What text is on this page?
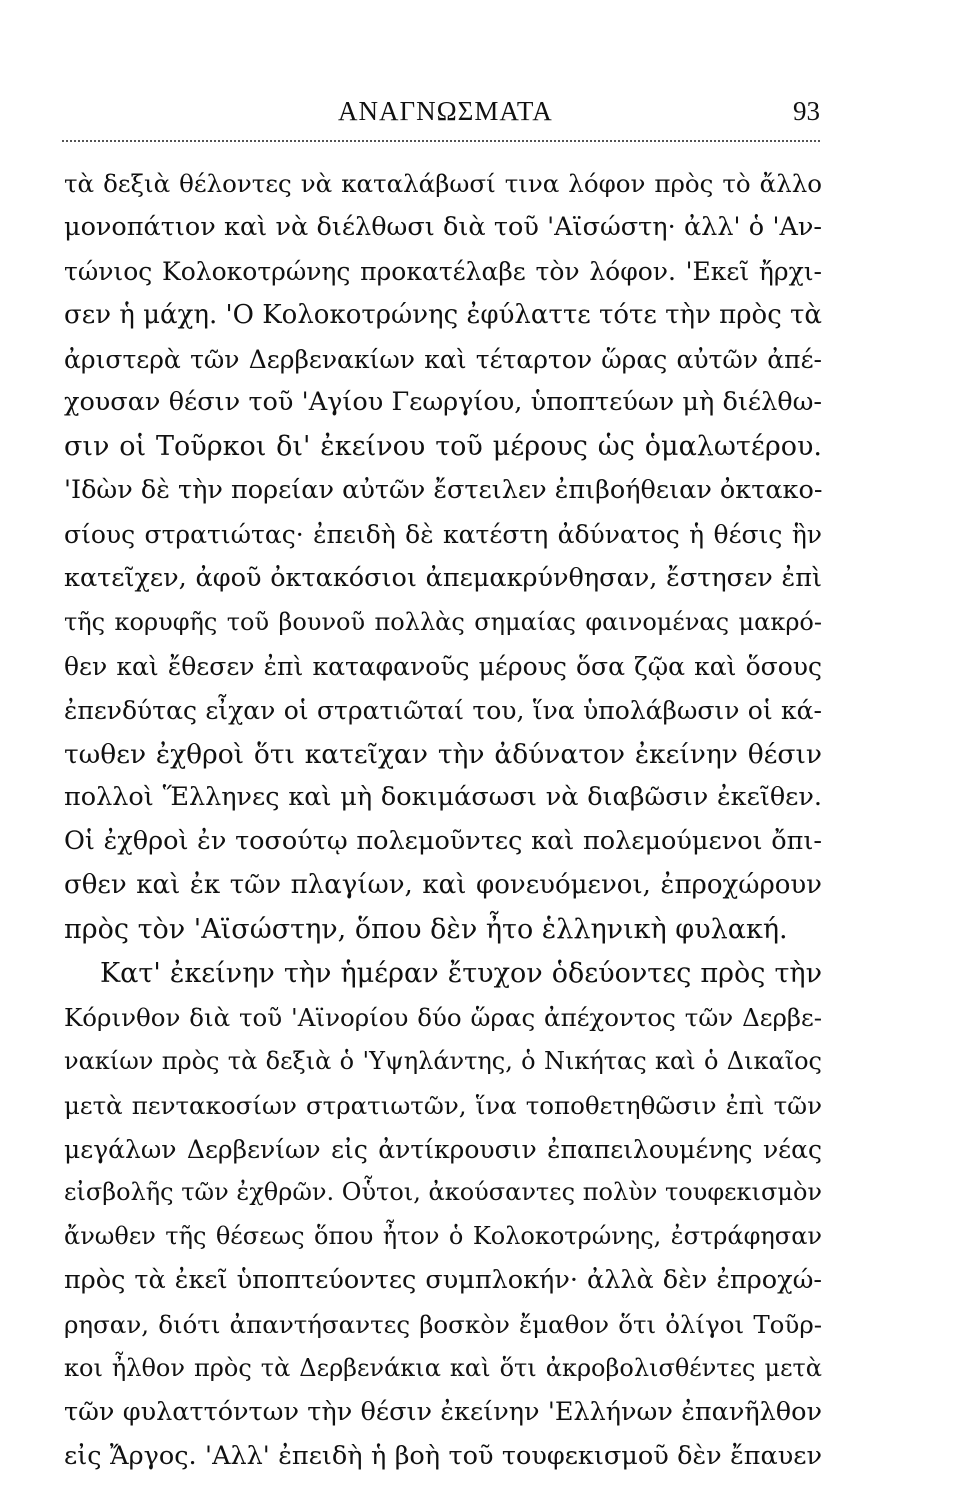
ΑΝΑΓΝΩΣΜΑΤΑ	93
τὰ δεξιὰ θέλοντες νὰ καταλάβωσί τινα λόφον πρὸς τὸ ἄλλο
μονοπάτιον καὶ νὰ διέλθωσι διὰ τοῦ 'Αϊσώστη· ἀλλ' ὁ 'Αν-
τώνιος Κολοκοτρώνης προκατέλαβε τὸν λόφον. 'Εκεῖ ἤρχι-
σεν ἡ μάχη. 'Ο Κολοκοτρώνης ἐφύλαττε τότε τὴν πρὸς τὰ
ἀριστερὰ τῶν Δερβενακίων καὶ τέταρτον ὥρας αὐτῶν ἀπέ-
χουσαν θέσιν τοῦ 'Αγίου Γεωργίου, ὑποπτεύων μὴ διέλθω-
σιν οἱ Τοῦρκοι δι' ἐκείνου τοῦ μέρους ὡς ὁμαλωτέρου.
'Ιδὼν δὲ τὴν πορείαν αὐτῶν ἔστειλεν ἐπιβοήθειαν ὀκτακο-
σίους στρατιώτας· ἐπειδὴ δὲ κατέστη ἀδύνατος ἡ θέσις ἣν
κατεῖχεν, ἀφοῦ ὀκτακόσιοι ἀπεμακρύνθησαν, ἔστησεν ἐπὶ
τῆς κορυφῆς τοῦ βουνοῦ πολλὰς σημαίας φαινομένας μακρό-
θεν καὶ ἔθεσεν ἐπὶ καταφανοῦς μέρους ὅσα ζῷα καὶ ὅσους
ἐπενδύτας εἶχαν οἱ στρατιῶταί του, ἵνα ὑπολάβωσιν οἱ κά-
τωθεν ἐχθροὶ ὅτι κατεῖχαν τὴν ἀδύνατον ἐκείνην θέσιν
πολλοὶ Ἕλληνες καὶ μὴ δοκιμάσωσι νὰ διαβῶσιν ἐκεῖθεν.
Οἱ ἐχθροὶ ἐν τοσούτῳ πολεμοῦντες καὶ πολεμούμενοι ὄπι-
σθεν καὶ ἐκ τῶν πλαγίων, καὶ φονευόμενοι, ἐπροχώρουν
πρὸς τὸν 'Αϊσώστην, ὅπου δὲν ἦτο ἑλληνικὴ φυλακή.
Κατ' ἐκείνην τὴν ἡμέραν ἔτυχον ὁδεύοντες πρὸς τὴν
Κόρινθον διὰ τοῦ 'Αϊνορίου δύο ὥρας ἀπέχοντος τῶν Δερβε-
νακίων πρὸς τὰ δεξιὰ ὁ 'Υψηλάντης, ὁ Νικήτας καὶ ὁ Δικαῖος
μετὰ πεντακοσίων στρατιωτῶν, ἵνα τοποθετηθῶσιν ἐπὶ τῶν
μεγάλων Δερβενίων εἰς ἀντίκρουσιν ἐπαπειλουμένης νέας
εἰσβολῆς τῶν ἐχθρῶν. Οὗτοι, ἀκούσαντες πολὺν τουφεκισμὸν
ἄνωθεν τῆς θέσεως ὅπου ἦτον ὁ Κολοκοτρώνης, ἐστράφησαν
πρὸς τὰ ἐκεῖ ὑποπτεύοντες συμπλοκήν· ἀλλὰ δὲν ἐπροχώ-
ρησαν, διότι ἀπαντήσαντες βοσκὸν ἔμαθον ὅτι ὀλίγοι Τοῦρ-
κοι ἦλθον πρὸς τὰ Δερβενάκια καὶ ὅτι ἀκροβολισθέντες μετὰ
τῶν φυλαττόντων τὴν θέσιν ἐκείνην 'Ελλήνων ἐπανῆλθον
εἰς Ἄργος. 'Αλλ' ἐπειδὴ ἡ βοὴ τοῦ τουφεκισμοῦ δὲν ἔπαυεν
